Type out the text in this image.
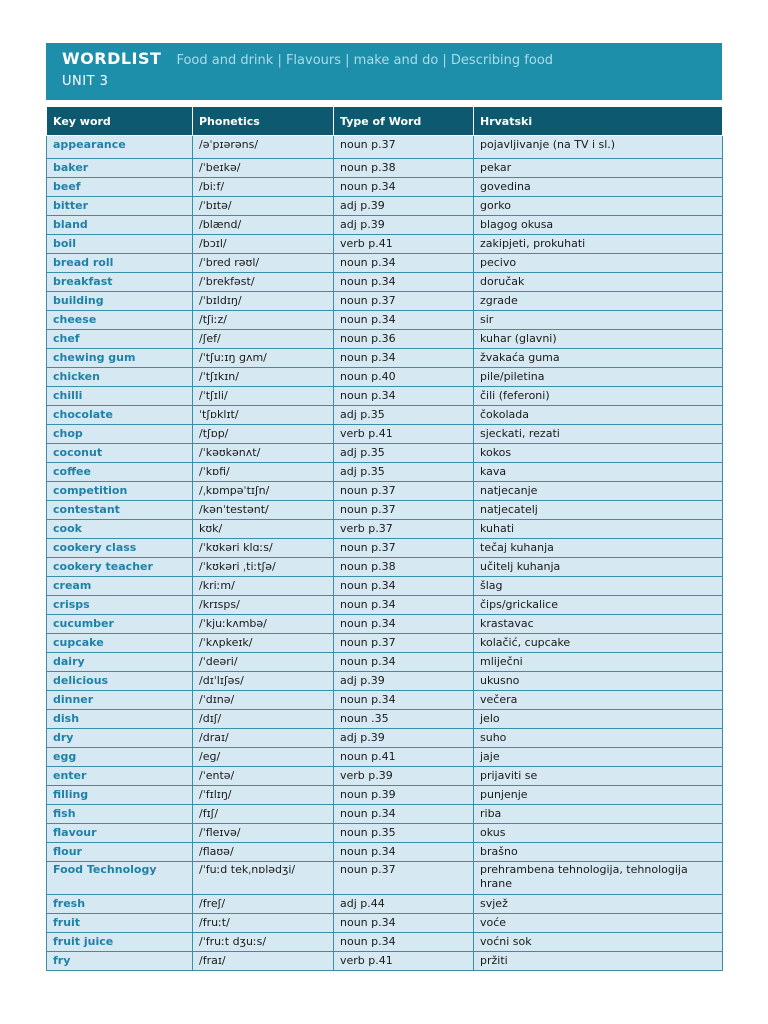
WORDLIST Food and drink | Flavours | make and do | Describing food
UNIT 3
Key word	Phonetics	Type of Word	Hrvatski
appearance	/əˈpɪərəns/	noun p.37	pojavljivanje (na TV i sl.)
baker	/ˈbeɪkə/	noun p.38	pekar
beef	/biːf/	noun p.34	govedina
bitter	/ˈbɪtə/	adj p.39	gorko
bland	/blænd/	adj p.39	blagog okusa
boil	/bɔɪl/	verb p.41	zakipjeti, prokuhati
bread roll	/ˈbred rəʊl/	noun p.34	pecivo
breakfast	/ˈbrekfəst/	noun p.34	doručak
building	/ˈbɪldɪŋ/	noun p.37	zgrade
cheese	/tʃiːz/	noun p.34	sir
chef	/ʃef/	noun p.36	kuhar (glavni)
chewing gum	/ˈtʃuːɪŋ ɡʌm/	noun p.34	žvakaća guma
chicken	/ˈtʃɪkɪn/	noun p.40	pile/piletina
chilli	/ˈtʃɪli/	noun p.34	čili (feferoni)
chocolate	ˈtʃɒklɪt/	adj p.35	čokolada
chop	/tʃɒp/	verb p.41	sjeckati, rezati
coconut	/ˈkəʊkənʌt/	adj p.35	kokos
coffee	/ˈkɒfi/	adj p.35	kava
competition	/ˌkɒmpəˈtɪʃn/	noun p.37	natjecanje
contestant	/kənˈtestənt/	noun p.37	natjecatelj
cook	kʊk/	verb p.37	kuhati
cookery class	/ˈkʊkəri klɑːs/	noun p.37	tečaj kuhanja
cookery teacher	/ˈkʊkəri ˌtiːtʃə/	noun p.38	učitelj kuhanja
cream	/kriːm/	noun p.34	šlag
crisps	/krɪsps/	noun p.34	čips/grickalice
cucumber	/ˈkjuːkʌmbə/	noun p.34	krastavac
cupcake	/ˈkʌpkeɪk/	noun p.37	kolačić, cupcake
dairy	/ˈdeəri/	noun p.34	mliječni
delicious	/dɪˈlɪʃəs/	adj p.39	ukusno
dinner	/ˈdɪnə/	noun p.34	večera
dish	/dɪʃ/	noun .35	jelo
dry	/draɪ/	adj p.39	suho
egg	/eɡ/	noun p.41	jaje
enter	/ˈentə/	verb p.39	prijaviti se
filling	/ˈfɪlɪŋ/	noun p.39	punjenje
fish	/fɪʃ/	noun p.34	riba
flavour	/ˈfleɪvə/	noun p.35	okus
flour	/flaʊə/	noun p.34	brašno
Food Technology	/ˈfuːd tekˌnɒlədʒi/	noun p.37	prehrambena tehnologija, tehnologija hrane
fresh	/freʃ/	adj p.44	svjež
fruit	/fruːt/	noun p.34	voće
fruit juice	/ˈfruːt dʒuːs/	noun p.34	voćni sok
fry	/fraɪ/	verb p.41	pržiti
